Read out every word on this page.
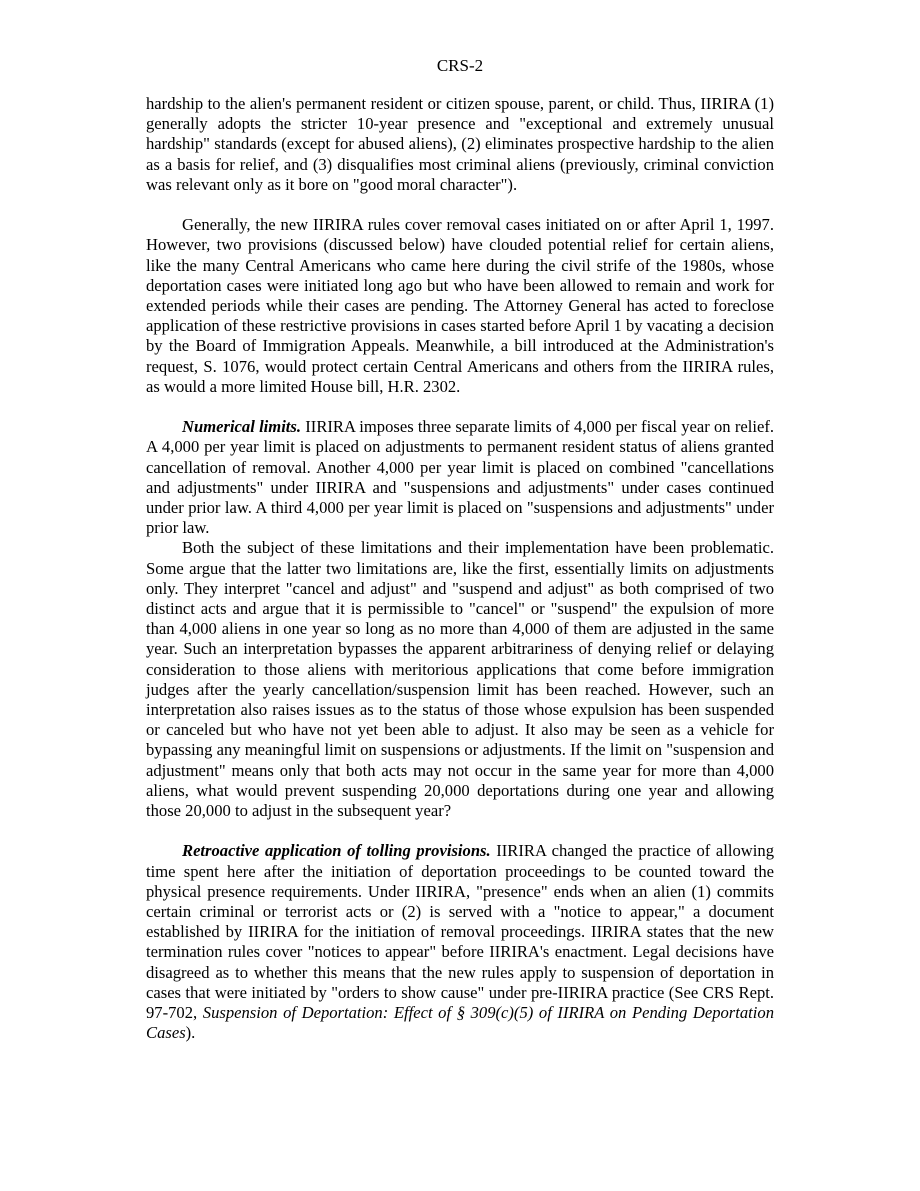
CRS-2

hardship to the alien's permanent resident or citizen spouse, parent, or child. Thus, IIRIRA (1) generally adopts the stricter 10-year presence and "exceptional and extremely unusual hardship" standards (except for abused aliens), (2) eliminates prospective hardship to the alien as a basis for relief, and (3) disqualifies most criminal aliens (previously, criminal conviction was relevant only as it bore on "good moral character").

Generally, the new IIRIRA rules cover removal cases initiated on or after April 1, 1997. However, two provisions (discussed below) have clouded potential relief for certain aliens, like the many Central Americans who came here during the civil strife of the 1980s, whose deportation cases were initiated long ago but who have been allowed to remain and work for extended periods while their cases are pending. The Attorney General has acted to foreclose application of these restrictive provisions in cases started before April 1 by vacating a decision by the Board of Immigration Appeals. Meanwhile, a bill introduced at the Administration's request, S. 1076, would protect certain Central Americans and others from the IIRIRA rules, as would a more limited House bill, H.R. 2302.

Numerical limits. IIRIRA imposes three separate limits of 4,000 per fiscal year on relief. A 4,000 per year limit is placed on adjustments to permanent resident status of aliens granted cancellation of removal. Another 4,000 per year limit is placed on combined "cancellations and adjustments" under IIRIRA and "suspensions and adjustments" under cases continued under prior law. A third 4,000 per year limit is placed on "suspensions and adjustments" under prior law.

Both the subject of these limitations and their implementation have been problematic. Some argue that the latter two limitations are, like the first, essentially limits on adjustments only. They interpret "cancel and adjust" and "suspend and adjust" as both comprised of two distinct acts and argue that it is permissible to "cancel" or "suspend" the expulsion of more than 4,000 aliens in one year so long as no more than 4,000 of them are adjusted in the same year. Such an interpretation bypasses the apparent arbitrariness of denying relief or delaying consideration to those aliens with meritorious applications that come before immigration judges after the yearly cancellation/suspension limit has been reached. However, such an interpretation also raises issues as to the status of those whose expulsion has been suspended or canceled but who have not yet been able to adjust. It also may be seen as a vehicle for bypassing any meaningful limit on suspensions or adjustments. If the limit on "suspension and adjustment" means only that both acts may not occur in the same year for more than 4,000 aliens, what would prevent suspending 20,000 deportations during one year and allowing those 20,000 to adjust in the subsequent year?

Retroactive application of tolling provisions. IIRIRA changed the practice of allowing time spent here after the initiation of deportation proceedings to be counted toward the physical presence requirements. Under IIRIRA, "presence" ends when an alien (1) commits certain criminal or terrorist acts or (2) is served with a "notice to appear," a document established by IIRIRA for the initiation of removal proceedings. IIRIRA states that the new termination rules cover "notices to appear" before IIRIRA's enactment. Legal decisions have disagreed as to whether this means that the new rules apply to suspension of deportation in cases that were initiated by "orders to show cause" under pre-IIRIRA practice (See CRS Rept. 97-702, Suspension of Deportation: Effect of § 309(c)(5) of IIRIRA on Pending Deportation Cases).
